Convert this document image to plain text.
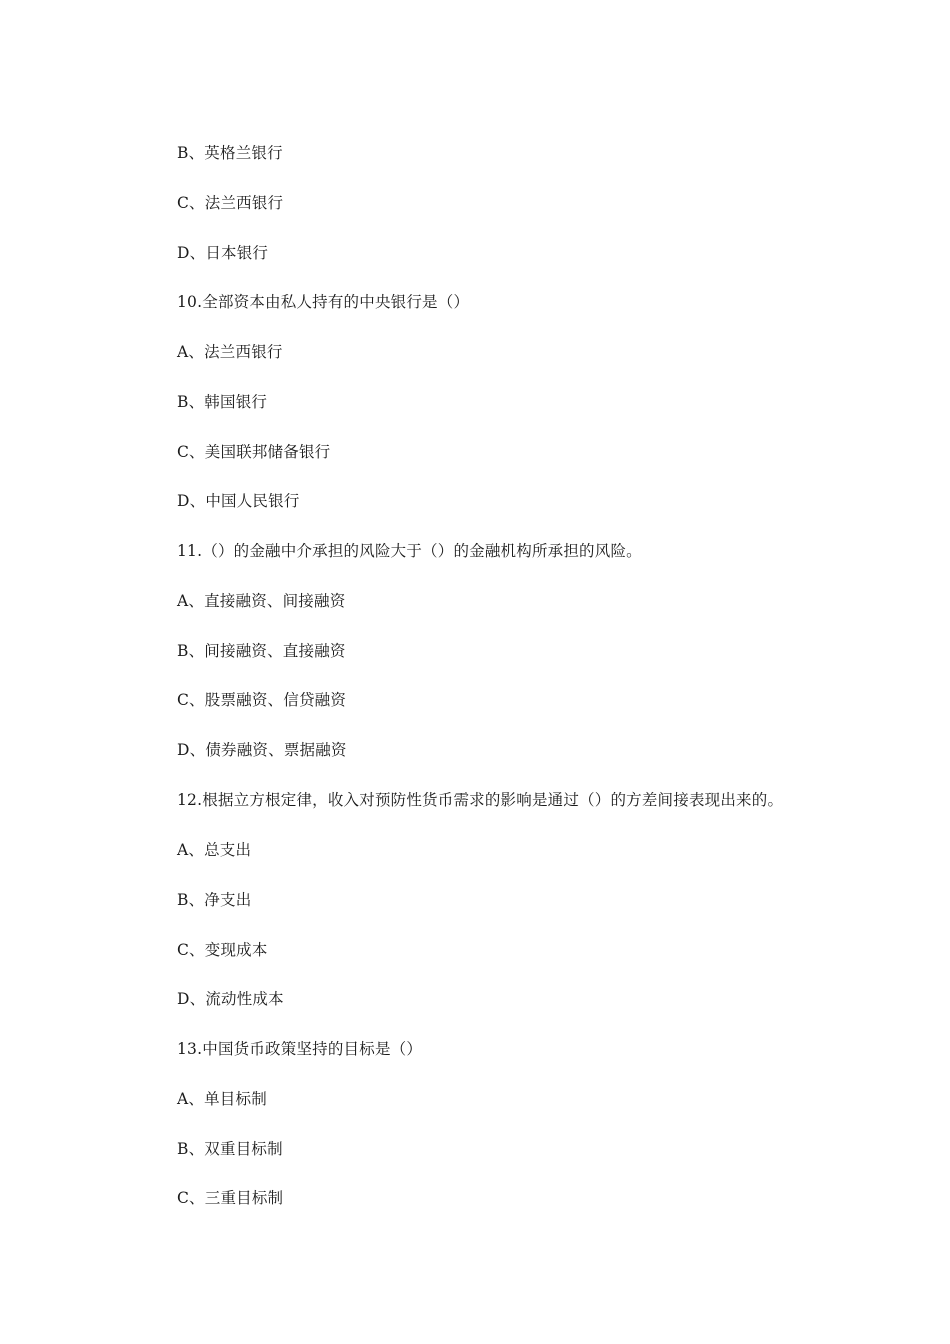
B、英格兰银行
C、法兰西银行
D、日本银行
10.全部资本由私人持有的中央银行是（）
A、法兰西银行
B、韩国银行
C、美国联邦储备银行
D、中国人民银行
11.（）的金融中介承担的风险大于（）的金融机构所承担的风险。
A、直接融资、间接融资
B、间接融资、直接融资
C、股票融资、信贷融资
D、债券融资、票据融资
12.根据立方根定律，收入对预防性货币需求的影响是通过（）的方差间接表现出来的。
A、总支出
B、净支出
C、变现成本
D、流动性成本
13.中国货币政策坚持的目标是（）
A、单目标制
B、双重目标制
C、三重目标制
